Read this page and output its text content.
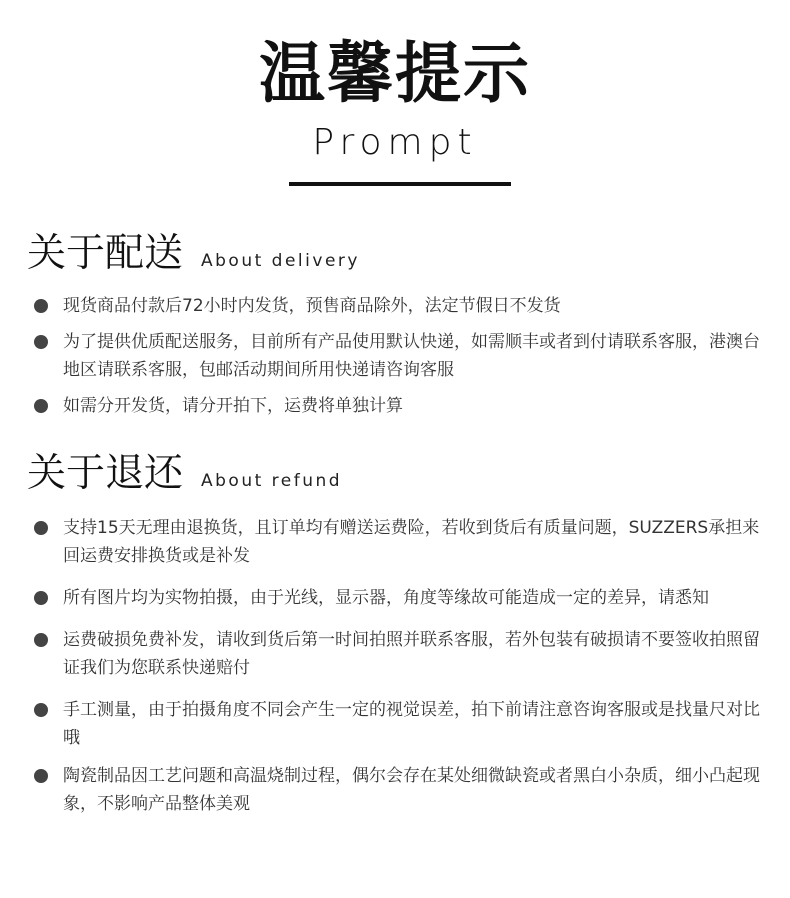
温馨提示
Prompt
关于配送 About delivery
现货商品付款后72小时内发货，预售商品除外，法定节假日不发货
为了提供优质配送服务，目前所有产品使用默认快递，如需顺丰或者到付请联系客服，港澳台地区请联系客服，包邮活动期间所用快递请咨询客服
如需分开发货，请分开拍下，运费将单独计算
关于退还 About refund
支持15天无理由退换货，且订单均有赠送运费险，若收到货后有质量问题，SUZZERS承担来回运费安排换货或是补发
所有图片均为实物拍摄，由于光线，显示器，角度等缘故可能造成一定的差异，请悉知
运费破损免费补发，请收到货后第一时间拍照并联系客服，若外包装有破损请不要签收拍照留证我们为您联系快递赔付
手工测量，由于拍摄角度不同会产生一定的视觉误差，拍下前请注意咨询客服或是找量尺对比哦
陶瓷制品因工艺问题和高温烧制过程，偶尔会存在某处细微缺瓷或者黑白小杂质，细小凸起现象，不影响产品整体美观
